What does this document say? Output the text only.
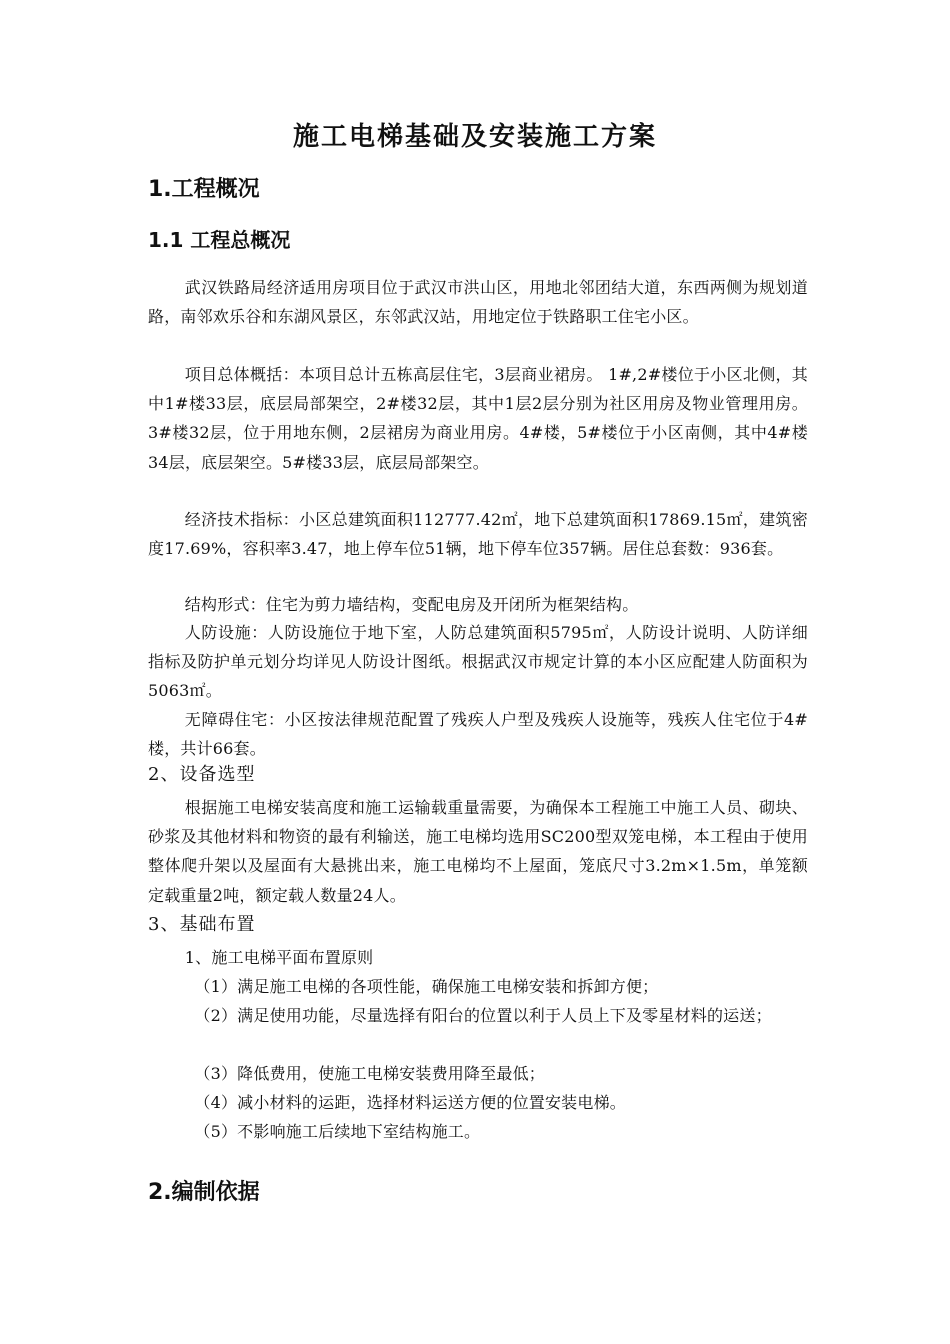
施工电梯基础及安装施工方案
1.工程概况
1.1 工程总概况
武汉铁路局经济适用房项目位于武汉市洪山区，用地北邻团结大道，东西两侧为规划道路，南邻欢乐谷和东湖风景区，东邻武汉站，用地定位于铁路职工住宅小区。
项目总体概括：本项目总计五栋高层住宅，3层商业裙房。 1#,2#楼位于小区北侧，其中1#楼33层，底层局部架空，2#楼32层，其中1层2层分别为社区用房及物业管理用房。3#楼32层，位于用地东侧，2层裙房为商业用房。4#楼，5#楼位于小区南侧，其中4#楼34层，底层架空。5#楼33层，底层局部架空。
经济技术指标：小区总建筑面积112777.42㎡，地下总建筑面积17869.15㎡，建筑密度17.69%，容积率3.47，地上停车位51辆，地下停车位357辆。居住总套数：936套。
结构形式：住宅为剪力墙结构，变配电房及开闭所为框架结构。
人防设施：人防设施位于地下室，人防总建筑面积5795㎡，人防设计说明、人防详细指标及防护单元划分均详见人防设计图纸。根据武汉市规定计算的本小区应配建人防面积为5063㎡。
无障碍住宅：小区按法律规范配置了残疾人户型及残疾人设施等，残疾人住宅位于4#楼，共计66套。
2、设备选型
根据施工电梯安装高度和施工运输载重量需要，为确保本工程施工中施工人员、砌块、砂浆及其他材料和物资的最有利输送，施工电梯均选用SC200型双笼电梯，本工程由于使用整体爬升架以及屋面有大悬挑出来，施工电梯均不上屋面，笼底尺寸3.2m×1.5m，单笼额定载重量2吨，额定载人数量24人。
3、基础布置
1、施工电梯平面布置原则
（1）满足施工电梯的各项性能，确保施工电梯安装和拆卸方便；
（2）满足使用功能，尽量选择有阳台的位置以利于人员上下及零星材料的运送；
（3）降低费用，使施工电梯安装费用降至最低；
（4）减小材料的运距，选择材料运送方便的位置安装电梯。
（5）不影响施工后续地下室结构施工。
2.编制依据
